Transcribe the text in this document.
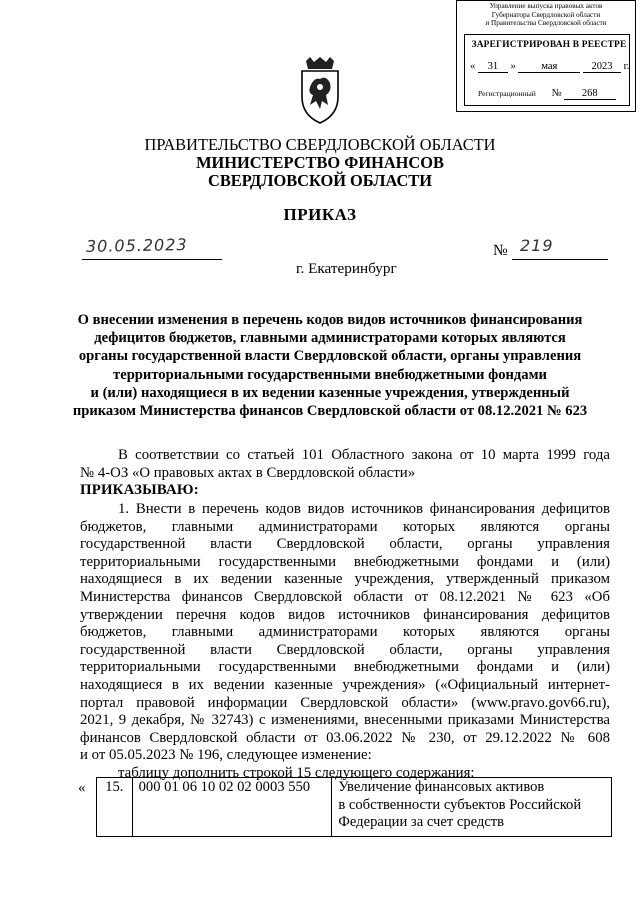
Управление выпуска правовых актов
Губернатора Свердловской области
и Правительства Свердловской области
ЗАРЕГИСТРИРОВАН В РЕЕСТРЕ
« 31 » мая	2023 г.
Регистрационный № 268
ПРАВИТЕЛЬСТВО СВЕРДЛОВСКОЙ ОБЛАСТИ
МИНИСТЕРСТВО ФИНАНСОВ
СВЕРДЛОВСКОЙ ОБЛАСТИ
ПРИКАЗ
30.05.2023	№ 219
г. Екатеринбург
О внесении изменения в перечень кодов видов источников финансирования
дефицитов бюджетов, главными администраторами которых являются
органы государственной власти Свердловской области, органы управления
территориальными государственными внебюджетными фондами
и (или) находящиеся в их ведении казенные учреждения, утвержденный
приказом Министерства финансов Свердловской области от 08.12.2021 № 623
В соответствии со статьей 101 Областного закона от 10 марта 1999 года
№ 4-ОЗ «О правовых актах в Свердловской области»
ПРИКАЗЫВАЮ:
1. Внести в перечень кодов видов источников финансирования дефицитов
бюджетов, главными администраторами которых являются органы
государственной власти Свердловской области, органы управления
территориальными государственными внебюджетными фондами и (или)
находящиеся в их ведении казенные учреждения, утвержденный приказом
Министерства финансов Свердловской области от 08.12.2021 № 623 «Об
утверждении перечня кодов видов источников финансирования дефицитов
бюджетов, главными администраторами которых являются органы
государственной власти Свердловской области, органы управления
территориальными государственными внебюджетными фондами и (или)
находящиеся в их ведении казенные учреждения» («Официальный интернет-
портал правовой информации Свердловской области» (www.pravo.gov66.ru),
2021, 9 декабря, № 32743) с изменениями, внесенными приказами Министерства
финансов Свердловской области от 03.06.2022 № 230, от 29.12.2022 № 608
и от 05.05.2023 № 196, следующее изменение:
таблицу дополнить строкой 15 следующего содержания:
« 15.	000 01 06 10 02 02 0003 550	Увеличение финансовых активов
в собственности субъектов Российской
Федерации за счет средств
